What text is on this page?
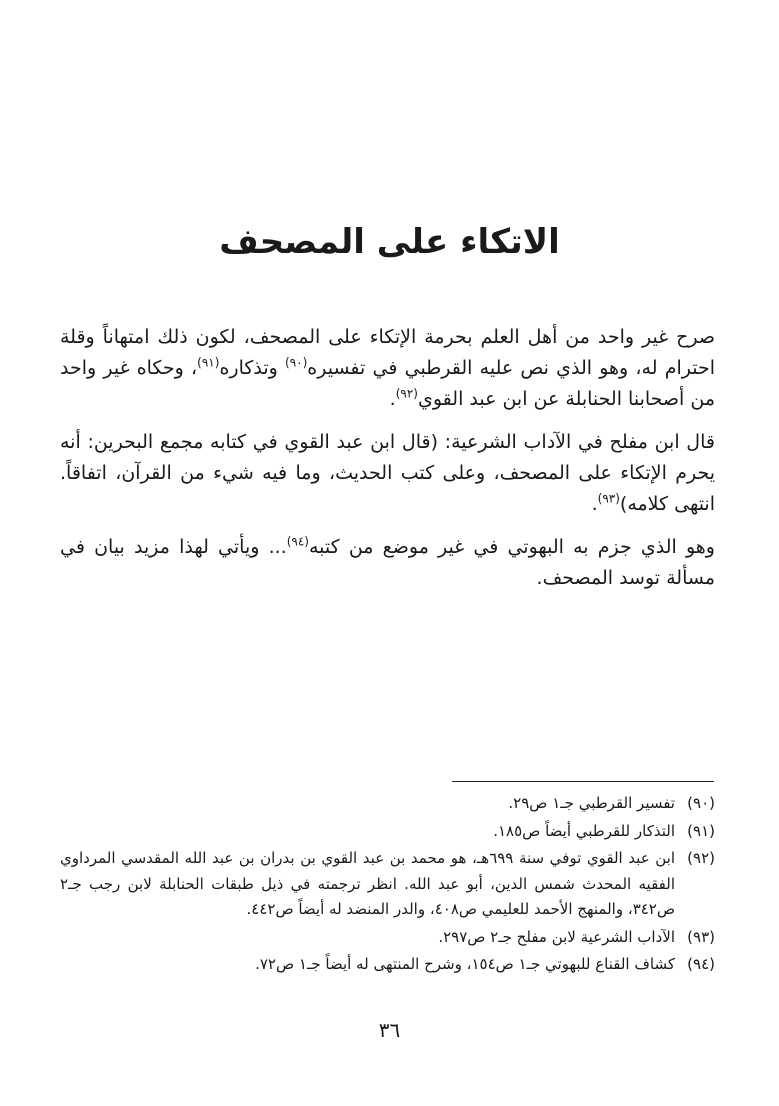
الاتكاء على المصحف

صرح غير واحد من أهل العلم بحرمة الإتكاء على المصحف، لكون ذلك امتهاناً وقلة احترام له، وهو الذي نص عليه القرطبي في تفسيره$^{(٩٠)}$ وتذكاره$^{(٩١)}$، وحكاه غير واحد من أصحابنا الحنابلة عن ابن عبد القوي$^{(٩٢)}$.

قال ابن مفلح في الآداب الشرعية: (قال ابن عبد القوي في كتابه مجمع البحرين: أنه يحرم الإتكاء على المصحف، وعلى كتب الحديث، وما فيه شيء من القرآن، اتفاقاً. انتهى كلامه)$^{(٩٣)}$.

وهو الذي جزم به البهوتي في غير موضع من كتبه$^{(٩٤)}$... ويأتي لهذا مزيد بيان في مسألة توسد المصحف.

(٩٠)
تفسير القرطبي جـ١ ص٢٩.
(٩١)
التذكار للقرطبي أيضاً ص١٨٥.
(٩٢)
ابن عبد القوي توفي سنة ٦٩٩هـ، هو محمد بن عبد القوي بن بدران بن عبد الله المقدسي المرداوي الفقيه المحدث شمس الدين، أبو عبد الله. انظر ترجمته في ذيل طبقات الحنابلة لابن رجب جـ٢ ص٣٤٢، والمنهج الأحمد للعليمي ص٤٠٨، والدر المنضد له أيضاً ص٤٤٢.
(٩٣)
الآداب الشرعية لابن مفلح جـ٢ ص٢٩٧.
(٩٤)
كشاف القناع للبهوتي جـ١ ص١٥٤، وشرح المنتهى له أيضاً جـ١ ص٧٢.
٣٦
